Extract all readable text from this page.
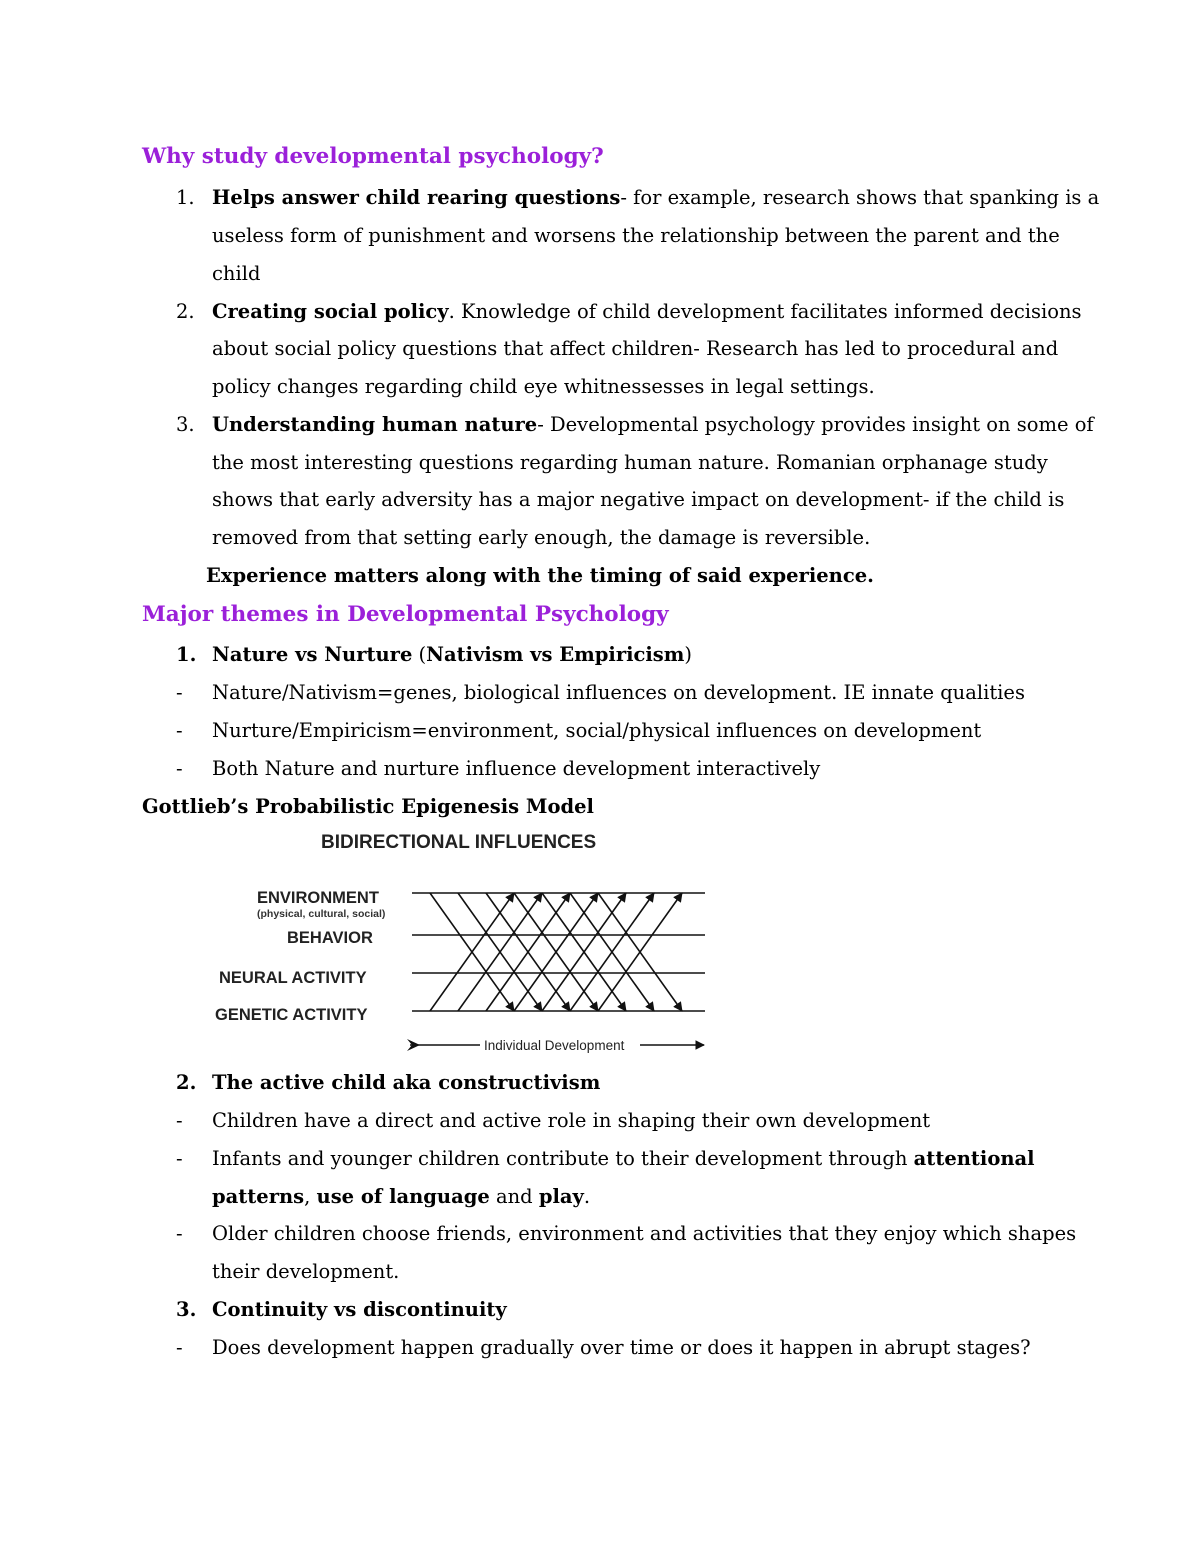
Why study developmental psychology?
1. Helps answer child rearing questions- for example, research shows that spanking is a
useless form of punishment and worsens the relationship between the parent and the
child
2. Creating social policy. Knowledge of child development facilitates informed decisions
about social policy questions that affect children- Research has led to procedural and
policy changes regarding child eye whitnessesses in legal settings.
3. Understanding human nature- Developmental psychology provides insight on some of
the most interesting questions regarding human nature. Romanian orphanage study
shows that early adversity has a major negative impact on development- if the child is
removed from that setting early enough, the damage is reversible.
Experience matters along with the timing of said experience.
Major themes in Developmental Psychology
1. Nature vs Nurture (Nativism vs Empiricism)
- Nature/Nativism=genes, biological influences on development. IE innate qualities
- Nurture/Empiricism=environment, social/physical influences on development
- Both Nature and nurture influence development interactively
Gottlieb’s Probabilistic Epigenesis Model
BIDIRECTIONAL INFLUENCES
ENVIRONMENT
(physical, cultural, social)
BEHAVIOR
NEURAL ACTIVITY
GENETIC ACTIVITY
Individual Development
2. The active child aka constructivism
- Children have a direct and active role in shaping their own development
- Infants and younger children contribute to their development through attentional
patterns, use of language and play.
- Older children choose friends, environment and activities that they enjoy which shapes
their development.
3. Continuity vs discontinuity
- Does development happen gradually over time or does it happen in abrupt stages?
